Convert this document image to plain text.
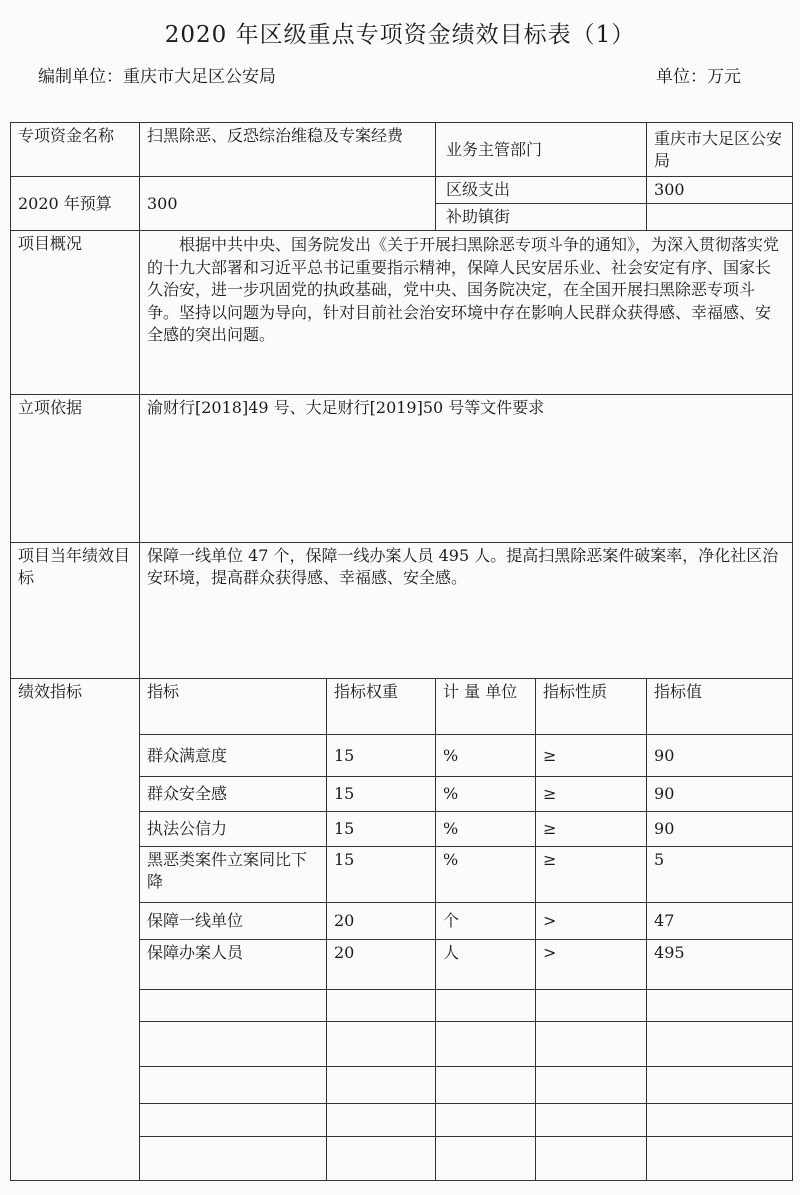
2020 年区级重点专项资金绩效目标表（1）
编制单位：重庆市大足区公安局	单位：万元
专项资金名称	扫黑除恶、反恐综治维稳及专案经费		业务主管部门		重庆市大足区公安局
2020 年预算	300		区级支出		300
			补助镇街		
项目概况	根据中共中央、国务院发出《关于开展扫黑除恶专项斗争的通知》，为深入贯彻落实党的十九大部署和习近平总书记重要指示精神，保障人民安居乐业、社会安定有序、国家长久治安，进一步巩固党的执政基础，党中央、国务院决定，在全国开展扫黑除恶专项斗争。坚持以问题为导向，针对目前社会治安环境中存在影响人民群众获得感、幸福感、安全感的突出问题。				
立项依据	渝财行[2018]49 号、大足财行[2019]50 号等文件要求				
项目当年绩效目标	保障一线单位 47 个，保障一线办案人员 495 人。提高扫黑除恶案件破案率，净化社区治安环境，提高群众获得感、幸福感、安全感。				
绩效指标	指标	指标权重	计 量 单位	指标性质	指标值
	群众满意度	15	%	≥	90
	群众安全感	15	%	≥	90
	执法公信力	15	%	≥	90
	黑恶类案件立案同比下降	15	%	≥	5
	保障一线单位	20	个	>	47
	保障办案人员	20	人	>	495
